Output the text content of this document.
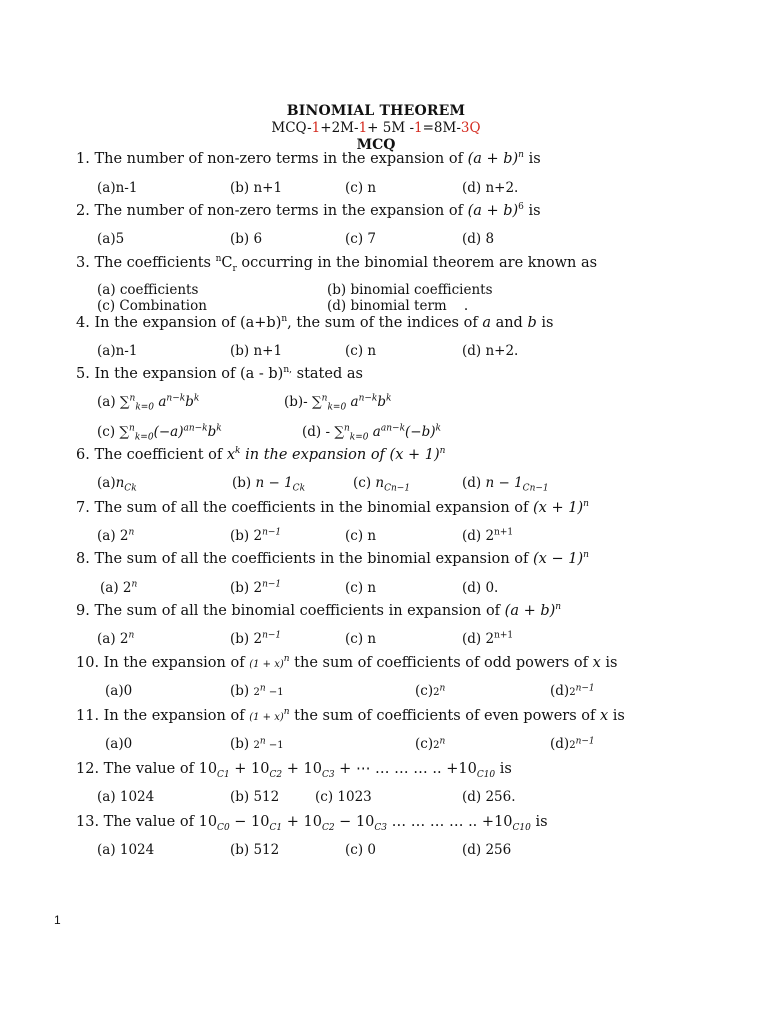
BINOMIAL THEOREM
MCQ-1+2M-1+ 5M -1=8M-3Q
MCQ
1. The number of non-zero terms in the expansion of $(a + b)^n$ is
(a)n-1	(b) n+1	(c) n	(d) n+2.
2. The number of non-zero terms in the expansion of $(a + b)^6$ is
(a)5	(b) 6	(c) 7	(d) 8
3. The coefficients $^nC_r$ occurring in the binomial theorem are known as
(a) coefficients	(b) binomial coefficients
(c) Combination	(d) binomial term .
4. In the expansion of $(a+b)^n$, the sum of the indices of a and b is
(a)n-1	(b) n+1	(c) n	(d) n+2.
5. In the expansion of (a - b)$^{n,}$ stated as
(a) ∑$^n_{k=0}$ $a^{n-k}b^k$	(b)- ∑$^n_{k=0}$ $a^{n-k}b^k$
(c) $\sum^n_{k=0}(-a)^{an-k}b^k$	(d) - ∑$^n_{k=0}$ $a^{an-k}(-b)^k$
6. The coefficient of $x^k$ in the expansion of $(x + 1)^n$
$(a)n_{Ck}$	(b) $n - 1_{Ck}$	(c) $n_{Cn-1}$	(d) $n - 1_{Cn-1}$
7. The sum of all the coefficients in the binomial expansion of $(x + 1)^n$
(a) 2$^n$	(b) $2^{n-1}$	(c) n	(d) $2^{n+1}$
8. The sum of all the coefficients in the binomial expansion of $(x - 1)^n$
(a) 2$^n$	(b) $2^{n-1}$	(c) n	(d) 0.
9. The sum of all the binomial coefficients in expansion of $(a + b)^n$
(a) 2$^n$	(b) $2^{n-1}$	(c) n	(d) $2^{n+1}$
10. In the expansion of $(1 + x)^n$ the sum of coefficients of odd powers of x is
(a)0	(b) $2^n -1$	(c)2$^n$	$(d)2^{n-1}$
11. In the expansion of $(1 + x)^n$ the sum of coefficients of even powers of x is
(a)0	(b) $2^n -1$	(c)2$^n$	$(d)2^{n-1}$
12. The value of $10_{C1} + 10_{C2} + 10_{C3}$ + ⋯ … … … .. $+10_{C10}$ is
(a) 1024	(b) 512	(c) 1023	(d) 256.
13. The value of $10_{C0} - 10_{C1} + 10_{C2} - 10_{C3}$ … … … … .. $+10_{C10}$ is
(a) 1024	(b) 512	(c) 0	(d) 256
1
